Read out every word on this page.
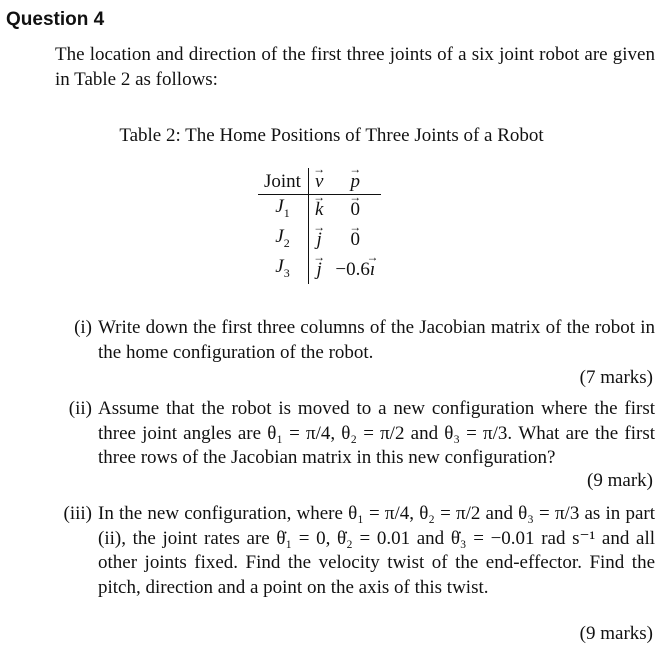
Question 4
The location and direction of the first three joints of a six joint robot are given in Table 2 as follows:
Table 2: The Home Positions of Three Joints of a Robot
Joint	→ v	→ p
$J_1$	→ k	→ 0
$J_2$	→ j	→ 0
$J_3$	→ j	−0.6→ ı
(i) Write down the first three columns of the Jacobian matrix of the robot in the home configuration of the robot.
(7 marks)
(ii) Assume that the robot is moved to a new configuration where the first three joint angles are θ₁ = π/4, θ₂ = π/2 and θ₃ = π/3. What are the first three rows of the Jacobian matrix in this new configuration?
(9 mark)
(iii) In the new configuration, where θ₁ = π/4, θ₂ = π/2 and θ₃ = π/3 as in part (ii), the joint rates are θ̇₁ = 0, θ̇₂ = 0.01 and θ̇₃ = −0.01 rad s⁻¹ and all other joints fixed. Find the velocity twist of the end-effector. Find the pitch, direction and a point on the axis of this twist.
(9 marks)
